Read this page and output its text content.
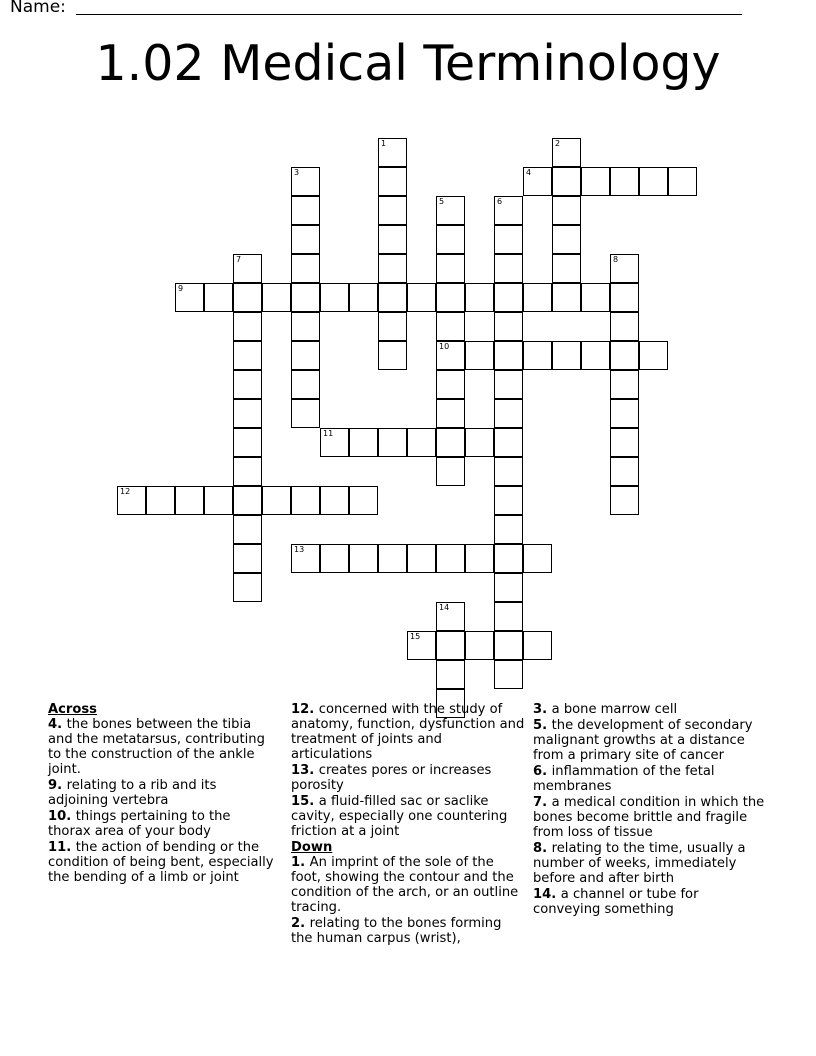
Name:
1.02 Medical Terminology
1	2
3
5
10
6
7	8
14
4
9
11
12
13
15
Across
4. the bones between the tibia and the metatarsus, contributing to the construction of the ankle joint.
9. relating to a rib and its adjoining vertebra
10. things pertaining to the thorax area of your body
11. the action of bending or the condition of being bent, especially the bending of a limb or joint
12. concerned with the study of anatomy, function, dysfunction and treatment of joints and articulations
13. creates pores or increases porosity
15. a fluid-filled sac or saclike cavity, especially one countering friction at a joint
Down
1. An imprint of the sole of the foot, showing the contour and the condition of the arch, or an outline tracing.
2. relating to the bones forming the human carpus (wrist),
3. a bone marrow cell
5. the development of secondary malignant growths at a distance from a primary site of cancer
6. inflammation of the fetal membranes
7. a medical condition in which the bones become brittle and fragile from loss of tissue
8. relating to the time, usually a number of weeks, immediately before and after birth
14. a channel or tube for conveying something
